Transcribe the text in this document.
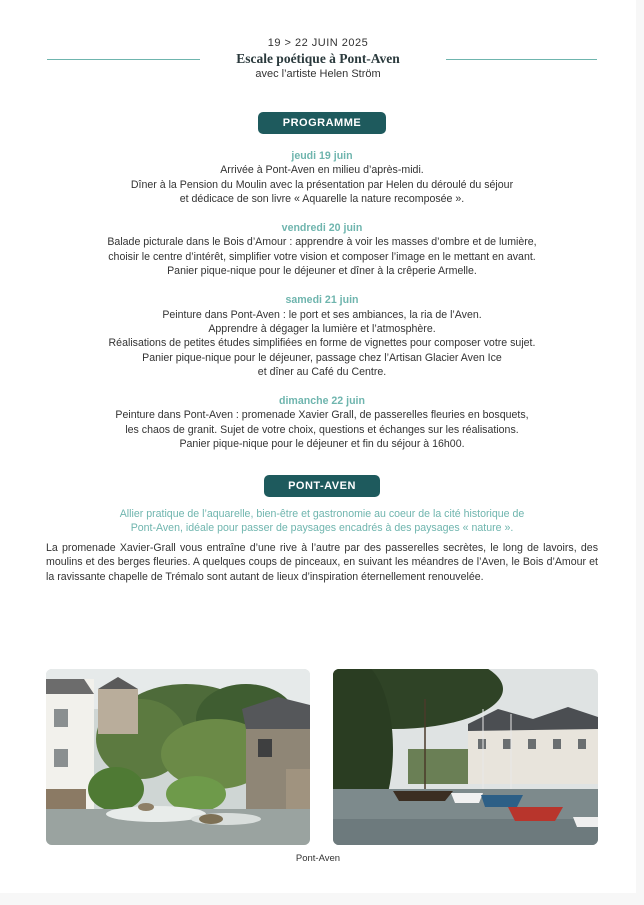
19 > 22 JUIN 2025
Escale poétique à Pont-Aven
avec l’artiste Helen Ström
PROGRAMME
jeudi 19 juin
Arrivée à Pont-Aven en milieu d’après-midi.
Dîner à la Pension du Moulin avec la présentation par Helen du déroulé du séjour
et dédicace de son livre « Aquarelle la nature recomposée ».
vendredi 20 juin
Balade picturale dans le Bois d’Amour : apprendre à voir les masses d’ombre et de lumière,
choisir le centre d’intérêt, simplifier votre vision et composer l’image en le mettant en avant.
Panier pique-nique pour le déjeuner et dîner à la crêperie Armelle.
samedi 21 juin
Peinture dans Pont-Aven : le port et ses ambiances, la ria de l’Aven.
Apprendre à dégager la lumière et l’atmosphère.
Réalisations de petites études simplifiées en forme de vignettes pour composer votre sujet.
Panier pique-nique pour le déjeuner, passage chez l’Artisan Glacier Aven Ice
et dîner au Café du Centre.
dimanche 22 juin
Peinture dans Pont-Aven : promenade Xavier Grall, de passerelles fleuries en bosquets,
les chaos de granit. Sujet de votre choix, questions et échanges sur les réalisations.
Panier pique-nique pour le déjeuner et fin du séjour à 16h00.
PONT-AVEN
Allier pratique de l’aquarelle, bien-être et gastronomie au coeur de la cité historique de
Pont-Aven, idéale pour passer de paysages encadrés à des paysages « nature ».
La promenade Xavier-Grall vous entraîne d’une rive à l’autre par des passerelles secrètes, le long de lavoirs, des moulins et des berges fleuries. A quelques coups de pinceaux, en suivant les méandres de l’Aven, le Bois d’Amour et la ravissante chapelle de Trémalo sont autant de lieux d’inspiration éternellement renouvelée.
Pont-Aven
